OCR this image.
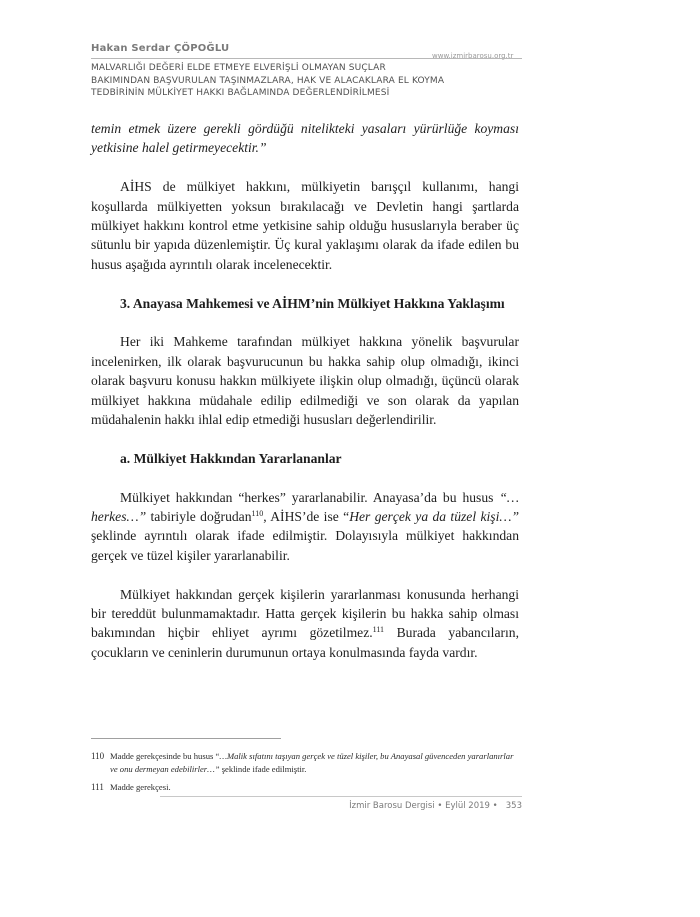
Hakan Serdar ÇÖPOĞLU
www.izmirbarosu.org.tr
MALVARLIĞI DEĞERİ ELDE ETMEYE ELVERİŞLİ OLMAYAN SUÇLAR
BAKIMINDAN BAŞVURULAN TAŞINMAZLARA, HAK VE ALACAKLARA EL KOYMA
TEDBİRİNİN MÜLKİYET HAKKI BAĞLAMINDA DEĞERLENDİRİLMESİ

temin etmek üzere gerekli gördüğü nitelikteki yasaları yürürlüğe koyması yetkisine halel getirmeyecektir.”

AİHS de mülkiyet hakkını, mülkiyetin barışçıl kullanımı, hangi koşullarda mülkiyetten yoksun bırakılacağı ve Devletin hangi şartlarda mülkiyet hakkını kontrol etme yetkisine sahip olduğu hususlarıyla beraber üç sütunlu bir yapıda düzenlemiştir. Üç kural yaklaşımı olarak da ifade edilen bu husus aşağıda ayrıntılı olarak incelenecektir.

3. Anayasa Mahkemesi ve AİHM’nin Mülkiyet Hakkına Yaklaşımı

Her iki Mahkeme tarafından mülkiyet hakkına yönelik başvurular incelenirken, ilk olarak başvurucunun bu hakka sahip olup olmadığı, ikinci olarak başvuru konusu hakkın mülkiyete ilişkin olup olmadığı, üçüncü olarak mülkiyet hakkına müdahale edilip edilmediği ve son olarak da yapılan müdahalenin hakkı ihlal edip etmediği hususları değerlendirilir.

a. Mülkiyet Hakkından Yararlananlar

Mülkiyet hakkından “herkes” yararlanabilir. Anayasa’da bu husus “…herkes…” tabiriyle doğrudan$^{110}$, AİHS’de ise “Her gerçek ya da tüzel kişi…” şeklinde ayrıntılı olarak ifade edilmiştir. Dolayısıyla mülkiyet hakkından gerçek ve tüzel kişiler yararlanabilir.

Mülkiyet hakkından gerçek kişilerin yararlanması konusunda herhangi bir tereddüt bulunmamaktadır. Hatta gerçek kişilerin bu hakka sahip olması bakımından hiçbir ehliyet ayrımı gözetilmez.$^{111}$ Burada yabancıların, çocukların ve ceninlerin durumunun ortaya konulmasında fayda vardır.

110 Madde gerekçesinde bu husus “…Malik sıfatını taşıyan gerçek ve tüzel kişiler, bu Anayasal güvenceden yararlanırlar ve onu dermeyan edebilirler…” şeklinde ifade edilmiştir.
111 Madde gerekçesi.
İzmir Barosu Dergisi • Eylül 2019 •   353
